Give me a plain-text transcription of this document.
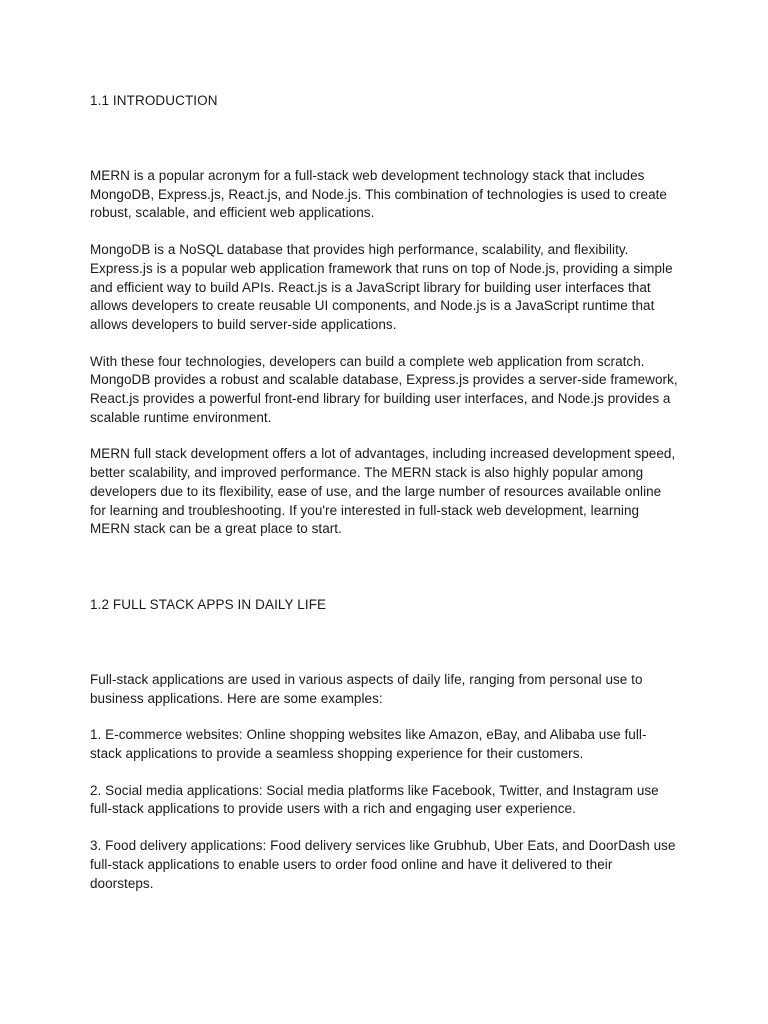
1.1 INTRODUCTION

MERN is a popular acronym for a full-stack web development technology stack that includes MongoDB, Express.js, React.js, and Node.js. This combination of technologies is used to create robust, scalable, and efficient web applications.

MongoDB is a NoSQL database that provides high performance, scalability, and flexibility. Express.js is a popular web application framework that runs on top of Node.js, providing a simple and efficient way to build APIs. React.js is a JavaScript library for building user interfaces that allows developers to create reusable UI components, and Node.js is a JavaScript runtime that allows developers to build server-side applications.

With these four technologies, developers can build a complete web application from scratch. MongoDB provides a robust and scalable database, Express.js provides a server-side framework, React.js provides a powerful front-end library for building user interfaces, and Node.js provides a scalable runtime environment.

MERN full stack development offers a lot of advantages, including increased development speed, better scalability, and improved performance. The MERN stack is also highly popular among developers due to its flexibility, ease of use, and the large number of resources available online for learning and troubleshooting. If you're interested in full-stack web development, learning MERN stack can be a great place to start.

1.2 FULL STACK APPS IN DAILY LIFE

Full-stack applications are used in various aspects of daily life, ranging from personal use to business applications. Here are some examples:

1. E-commerce websites: Online shopping websites like Amazon, eBay, and Alibaba use full-stack applications to provide a seamless shopping experience for their customers.

2. Social media applications: Social media platforms like Facebook, Twitter, and Instagram use full-stack applications to provide users with a rich and engaging user experience.

3. Food delivery applications: Food delivery services like Grubhub, Uber Eats, and DoorDash use full-stack applications to enable users to order food online and have it delivered to their doorsteps.
